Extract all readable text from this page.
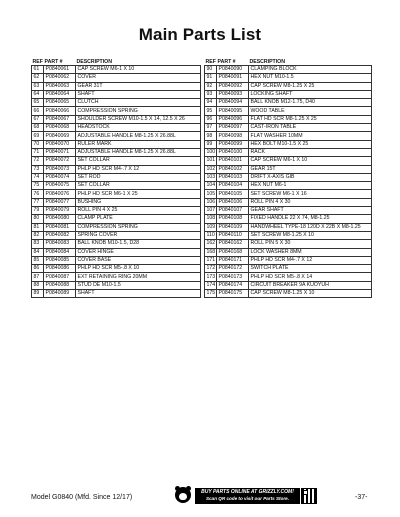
Main Parts List
REF	PART #	DESCRIPTION
61	P0840061	CAP SCREW M6-1 X 10
62	P0840062	COVER
63	P0840063	GEAR 31T
64	P0840064	SHAFT
65	P0840065	CLUTCH
66	P0840066	COMPRESSION SPRING
67	P0840067	SHOULDER SCREW M10-1.5 X 14, 12.5 X 26
68	P0840068	HEADSTOCK
69	P0840069	ADJUSTABLE HANDLE M8-1.25 X 26.88L
70	P0840070	RULER MARK
71	P0840071	ADJUSTABLE HANDLE M8-1.25 X 26.88L
72	P0840072	SET COLLAR
73	P0840073	PHLP HD SCR M4-.7 X 12
74	P0840074	SET ROD
75	P0840075	SET COLLAR
76	P0840076	PHLP HD SCR M6-1 X 25
77	P0840077	BUSHING
79	P0840079	ROLL PIN 4 X 25
80	P0840080	CLAMP PLATE
81	P0840081	COMPRESSION SPRING
82	P0840082	SPRING COVER
83	P0840083	BALL KNOB M10-1.5, D28
84	P0840084	COVER HINGE
85	P0840085	COVER BASE
86	P0840086	PHLP HD SCR M5-.8 X 10
87	P0840087	EXT RETAINING RING 20MM
88	P0840088	STUD DE M10-1.5
89	P0840089	SHAFT
REF	PART #	DESCRIPTION
90	P0840090	CLAMPING BLOCK
91	P0840091	HEX NUT M10-1.5
92	P0840092	CAP SCREW M8-1.25 X 25
93	P0840093	LOCKING SHAFT
94	P0840094	BALL KNOB M12-1.75, D40
95	P0840095	WOOD TABLE
96	P0840096	FLAT HD SCR M8-1.25 X 25
97	P0840097	CAST-IRON TABLE
98	P0840098	FLAT WASHER 10MM
99	P0840099	HEX BOLT M10-1.5 X 25
100	P0840100	RACK
101	P0840101	CAP SCREW M6-1 X 10
102	P0840102	GEAR 15T
103	P0840103	DRIFT X-AXIS GIB
104	P0840104	HEX NUT M6-1
105	P0840105	SET SCREW M6-1 X 16
106	P0840106	ROLL PIN 4 X 30
107	P0840107	GEAR SHAFT
108	P0840108	FIXED HANDLE 22 X 74, M8-1.25
109	P0840109	HANDWHEEL TYPE-18 120D X 22B X M8-1.25
110	P0840110	SET SCREW M8-1.25 X 10
162	P0840162	ROLL PIN 5 X 30
168	P0840168	LOCK WASHER 8MM
171	P0840171	PHLP HD SCR M4-.7 X 12
172	P0840172	SWITCH PLATE
173	P0840173	PHLP HD SCR M5-.8 X 14
174	P0840174	CIRCUIT BREAKER 9A KUOYUH
175	P0840175	CAP SCREW M8-1.25 X 10
Model G0840 (Mfd. Since 12/17)
BUY PARTS ONLINE AT GRIZZLY.COM!
Scan QR code to visit our Parts Store.	-37-
